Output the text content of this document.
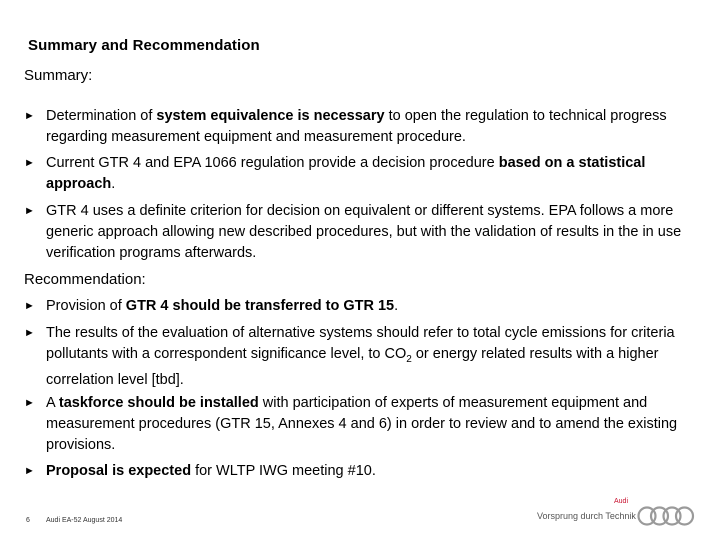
Summary and Recommendation
Summary:
► Determination of system equivalence is necessary to open the regulation to technical progress regarding measurement equipment and measurement procedure.
► Current GTR 4 and EPA 1066 regulation provide a decision procedure based on a statistical approach.
► GTR 4 uses a definite criterion for decision on equivalent or different systems. EPA follows a more generic approach allowing new described procedures, but with the validation of results in the in use verification programs afterwards.
Recommendation:
► Provision of GTR 4 should be transferred to GTR 15.
► The results of the evaluation of alternative systems should refer to total cycle emissions for criteria pollutants with a correspondent significance level, to $CO_2$ or energy related results with a higher correlation level [tbd].
► A taskforce should be installed with participation of experts of measurement equipment and measurement procedures (GTR 15, Annexes 4 and 6) in order to review and to amend the existing provisions.
► Proposal is expected for WLTP IWG meeting #10.
6 Audi EA-52 August 2014
Audi
Vorsprung durch Technik
